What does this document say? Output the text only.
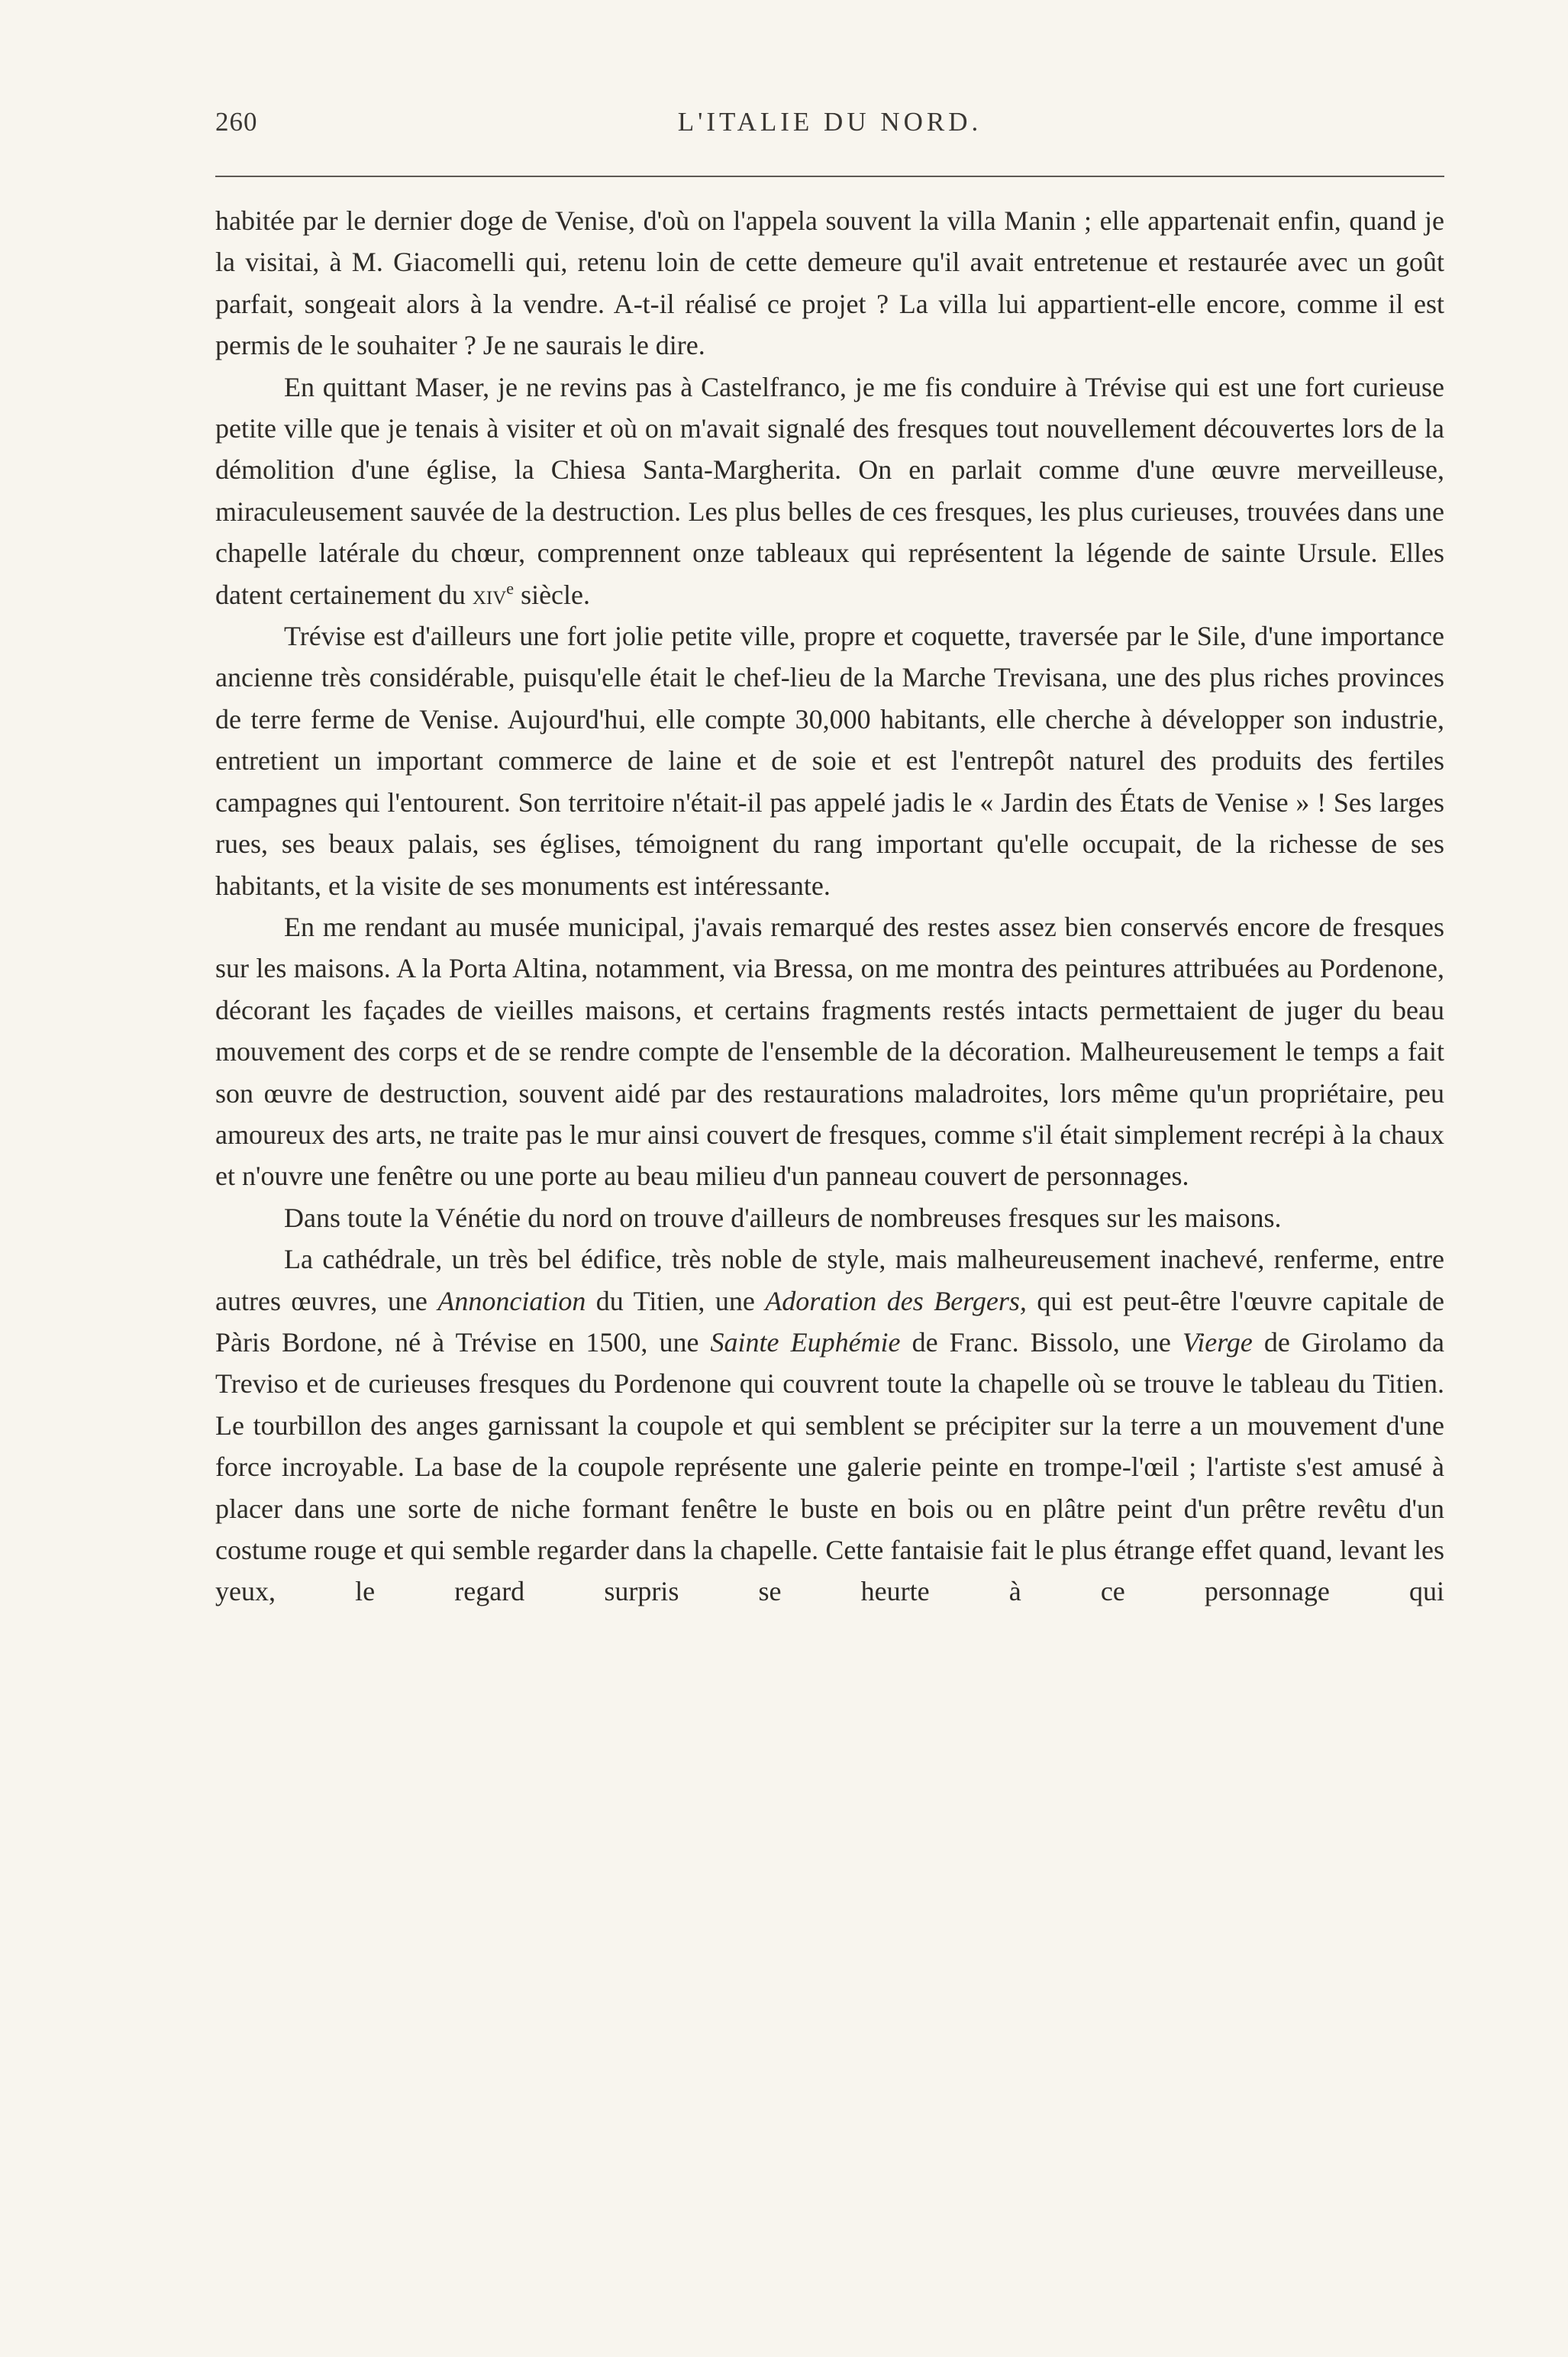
260	L'ITALIE DU NORD.

habitée par le dernier doge de Venise, d'où on l'appela souvent la villa Manin ; elle appartenait enfin, quand je la visitai, à M. Giacomelli qui, retenu loin de cette demeure qu'il avait entretenue et restaurée avec un goût parfait, songeait alors à la vendre. A-t-il réalisé ce projet ? La villa lui appartient-elle encore, comme il est permis de le souhaiter ? Je ne saurais le dire.

En quittant Maser, je ne revins pas à Castelfranco, je me fis conduire à Trévise qui est une fort curieuse petite ville que je tenais à visiter et où on m'avait signalé des fresques tout nouvellement découvertes lors de la démolition d'une église, la Chiesa Santa-Margherita. On en parlait comme d'une œuvre merveilleuse, miraculeusement sauvée de la destruction. Les plus belles de ces fresques, les plus curieuses, trouvées dans une chapelle latérale du chœur, comprennent onze tableaux qui représentent la légende de sainte Ursule. Elles datent certainement du xiv$^e$ siècle.

Trévise est d'ailleurs une fort jolie petite ville, propre et coquette, traversée par le Sile, d'une importance ancienne très considérable, puisqu'elle était le chef-lieu de la Marche Trevisana, une des plus riches provinces de terre ferme de Venise. Aujourd'hui, elle compte 30,000 habitants, elle cherche à développer son industrie, entretient un important commerce de laine et de soie et est l'entrepôt naturel des produits des fertiles campagnes qui l'entourent. Son territoire n'était-il pas appelé jadis le « Jardin des États de Venise » ! Ses larges rues, ses beaux palais, ses églises, témoignent du rang important qu'elle occupait, de la richesse de ses habitants, et la visite de ses monuments est intéressante.

En me rendant au musée municipal, j'avais remarqué des restes assez bien conservés encore de fresques sur les maisons. A la Porta Altina, notamment, via Bressa, on me montra des peintures attribuées au Pordenone, décorant les façades de vieilles maisons, et certains fragments restés intacts permettaient de juger du beau mouvement des corps et de se rendre compte de l'ensemble de la décoration. Malheureusement le temps a fait son œuvre de destruction, souvent aidé par des restaurations maladroites, lors même qu'un propriétaire, peu amoureux des arts, ne traite pas le mur ainsi couvert de fresques, comme s'il était simplement recrépi à la chaux et n'ouvre une fenêtre ou une porte au beau milieu d'un panneau couvert de personnages.

Dans toute la Vénétie du nord on trouve d'ailleurs de nombreuses fresques sur les maisons.

La cathédrale, un très bel édifice, très noble de style, mais malheureusement inachevé, renferme, entre autres œuvres, une Annonciation du Titien, une Adoration des Bergers, qui est peut-être l'œuvre capitale de Pàris Bordone, né à Trévise en 1500, une Sainte Euphémie de Franc. Bissolo, une Vierge de Girolamo da Treviso et de curieuses fresques du Pordenone qui couvrent toute la chapelle où se trouve le tableau du Titien. Le tourbillon des anges garnissant la coupole et qui semblent se précipiter sur la terre a un mouvement d'une force incroyable. La base de la coupole représente une galerie peinte en trompe-l'œil ; l'artiste s'est amusé à placer dans une sorte de niche formant fenêtre le buste en bois ou en plâtre peint d'un prêtre revêtu d'un costume rouge et qui semble regarder dans la chapelle. Cette fantaisie fait le plus étrange effet quand, levant les yeux, le regard surpris se heurte à ce personnage qui
